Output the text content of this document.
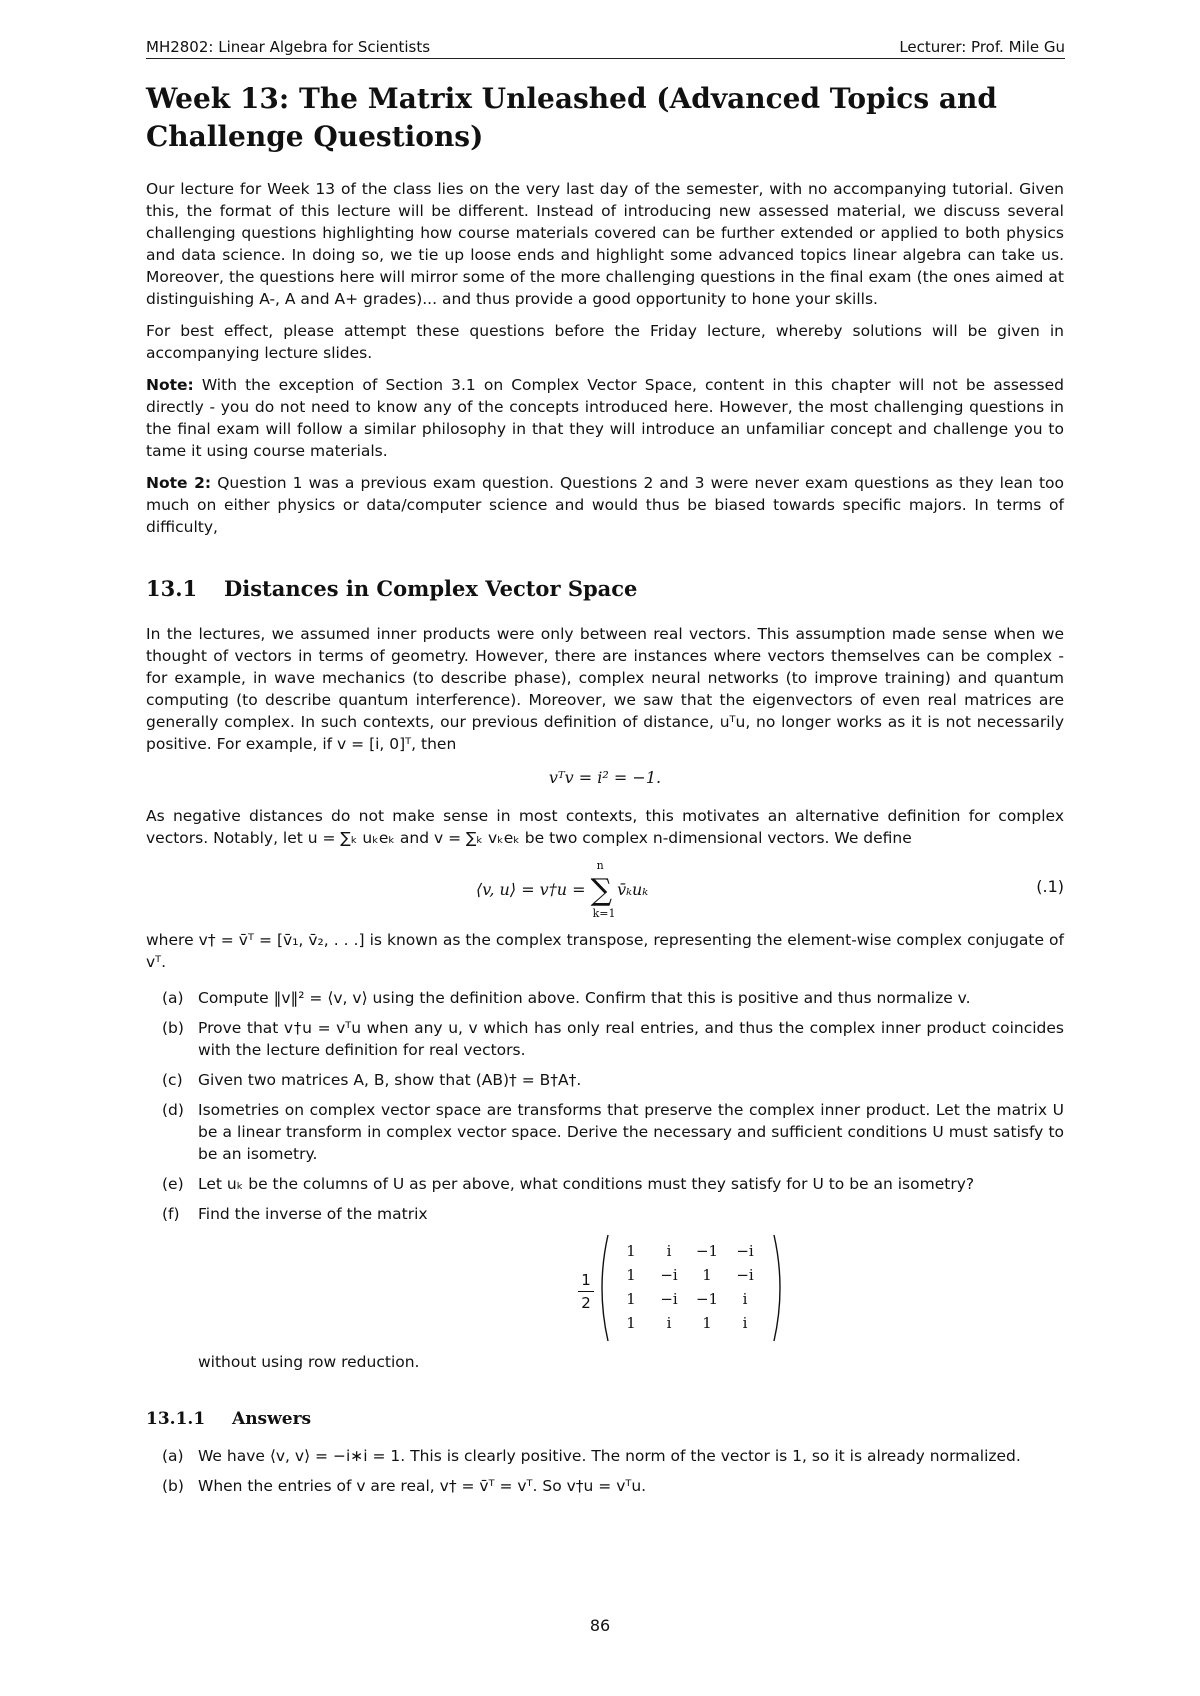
MH2802: Linear Algebra for Scientists	Lecturer: Prof. Mile Gu
Week 13: The Matrix Unleashed (Advanced Topics and Challenge Questions)

Our lecture for Week 13 of the class lies on the very last day of the semester, with no accompanying tutorial. Given this, the format of this lecture will be different. Instead of introducing new assessed material, we discuss several challenging questions highlighting how course materials covered can be further extended or applied to both physics and data science. In doing so, we tie up loose ends and highlight some advanced topics linear algebra can take us. Moreover, the questions here will mirror some of the more challenging questions in the final exam (the ones aimed at distinguishing A-, A and A+ grades)... and thus provide a good opportunity to hone your skills.

For best effect, please attempt these questions before the Friday lecture, whereby solutions will be given in accompanying lecture slides.

Note: With the exception of Section 3.1 on Complex Vector Space, content in this chapter will not be assessed directly - you do not need to know any of the concepts introduced here. However, the most challenging questions in the final exam will follow a similar philosophy in that they will introduce an unfamiliar concept and challenge you to tame it using course materials.

Note 2: Question 1 was a previous exam question. Questions 2 and 3 were never exam questions as they lean too much on either physics or data/computer science and would thus be biased towards specific majors. In terms of difficulty,

13.1 Distances in Complex Vector Space

In the lectures, we assumed inner products were only between real vectors. This assumption made sense when we thought of vectors in terms of geometry. However, there are instances where vectors themselves can be complex - for example, in wave mechanics (to describe phase), complex neural networks (to improve training) and quantum computing (to describe quantum interference). Moreover, we saw that the eigenvectors of even real matrices are generally complex. In such contexts, our previous definition of distance, uᵀu, no longer works as it is not necessarily positive. For example, if v = [i, 0]ᵀ, then

vᵀv = i² = −1.

As negative distances do not make sense in most contexts, this motivates an alternative definition for complex vectors. Notably, let u = ∑ₖ uₖeₖ and v = ∑ₖ vₖeₖ be two complex n-dimensional vectors. We define

⟨v, u⟩ = v†u = ∑
n
k=1
v̄ₖuₖ	(.1)

where v† = v̄ᵀ = [v̄₁, v̄₂, . . .] is known as the complex transpose, representing the element-wise complex conjugate of vᵀ.

(a) Compute ‖v‖² = ⟨v, v⟩ using the definition above. Confirm that this is positive and thus normalize v.
(b) Prove that v†u = vᵀu when any u, v which has only real entries, and thus the complex inner product coincides with the lecture definition for real vectors.
(c) Given two matrices A, B, show that (AB)† = B†A†.
(d) Isometries on complex vector space are transforms that preserve the complex inner product. Let the matrix U be a linear transform in complex vector space. Derive the necessary and sufficient conditions U must satisfy to be an isometry.
(e) Let uₖ be the columns of U as per above, what conditions must they satisfy for U to be an isometry?
(f) Find the inverse of the matrix
$\frac{1}{2}$
1	i	−1	−i
1	−i	1	−i
1	−i	−1	i
1	i	1	i
without using row reduction.
13.1.1 Answers
(a) We have ⟨v, v⟩ = −i∗i = 1. This is clearly positive. The norm of the vector is 1, so it is already normalized.
(b) When the entries of v are real, v† = v̄ᵀ = vᵀ. So v†u = vᵀu.
86
